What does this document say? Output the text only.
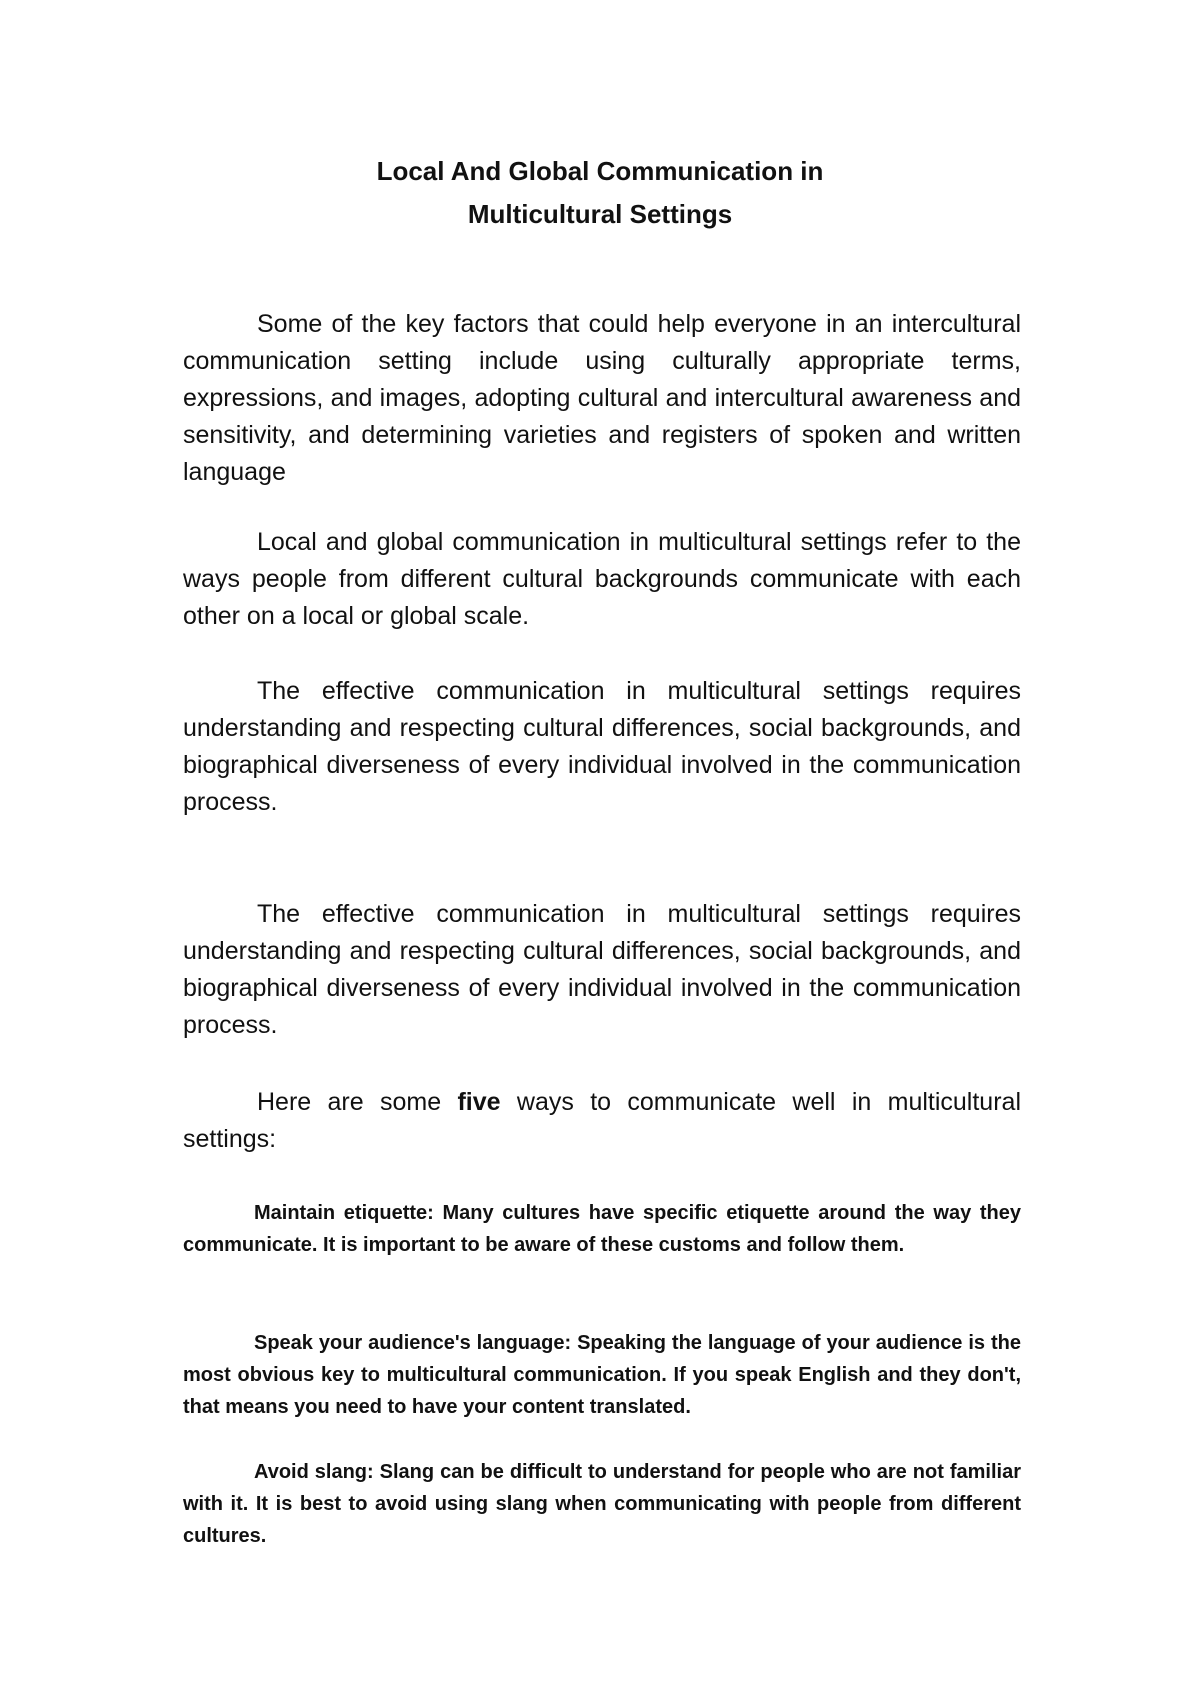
Local And Global Communication in
Multicultural Settings

Some of the key factors that could help everyone in an intercultural communication setting include using culturally appropriate terms, expressions, and images, adopting cultural and intercultural awareness and sensitivity, and determining varieties and registers of spoken and written language

Local and global communication in multicultural settings refer to the ways people from different cultural backgrounds communicate with each other on a local or global scale.

The effective communication in multicultural settings requires understanding and respecting cultural differences, social backgrounds, and biographical diverseness of every individual involved in the communication process.

The effective communication in multicultural settings requires understanding and respecting cultural differences, social backgrounds, and biographical diverseness of every individual involved in the communication process.

Here are some five ways to communicate well in multicultural settings:

Maintain etiquette: Many cultures have specific etiquette around the way they communicate. It is important to be aware of these customs and follow them.

Speak your audience's language: Speaking the language of your audience is the most obvious key to multicultural communication. If you speak English and they don't, that means you need to have your content translated.

Avoid slang: Slang can be difficult to understand for people who are not familiar with it. It is best to avoid using slang when communicating with people from different cultures.
